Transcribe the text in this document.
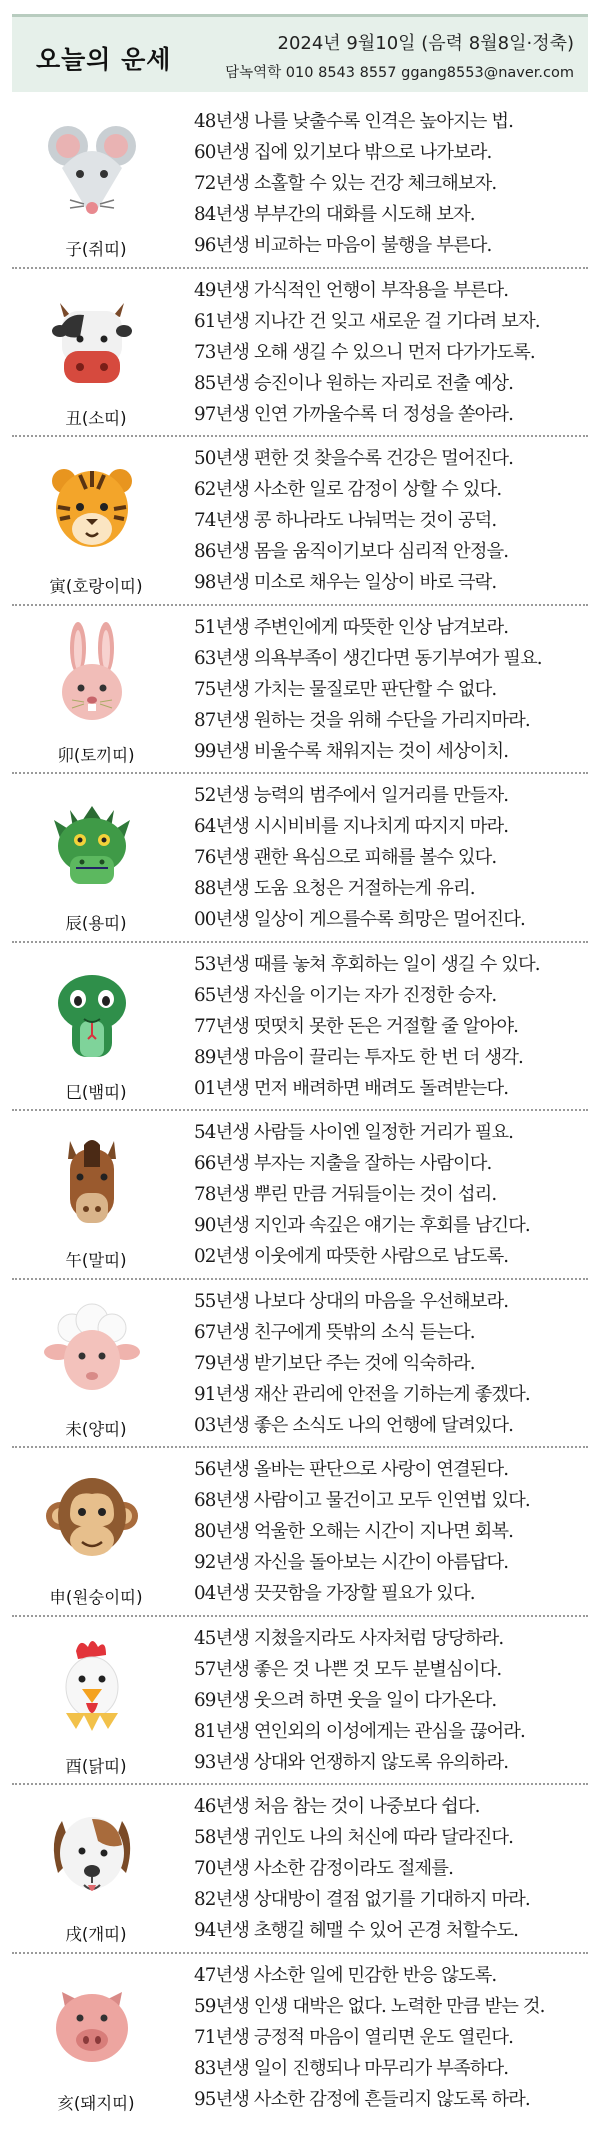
오늘의 운세
2024년 9월10일 (음력 8월8일·정축)
담녹역학 010 8543 8557 ggang8553@naver.com
子(쥐띠)
48년생 나를 낮출수록 인격은 높아지는 법.
60년생 집에 있기보다 밖으로 나가보라.
72년생 소홀할 수 있는 건강 체크해보자.
84년생 부부간의 대화를 시도해 보자.
96년생 비교하는 마음이 불행을 부른다.
丑(소띠)
49년생 가식적인 언행이 부작용을 부른다.
61년생 지나간 건 잊고 새로운 걸 기다려 보자.
73년생 오해 생길 수 있으니 먼저 다가가도록.
85년생 승진이나 원하는 자리로 전출 예상.
97년생 인연 가까울수록 더 정성을 쏟아라.
寅(호랑이띠)
50년생 편한 것 찾을수록 건강은 멀어진다.
62년생 사소한 일로 감정이 상할 수 있다.
74년생 콩 하나라도 나눠먹는 것이 공덕.
86년생 몸을 움직이기보다 심리적 안정을.
98년생 미소로 채우는 일상이 바로 극락.
卯(토끼띠)
51년생 주변인에게 따뜻한 인상 남겨보라.
63년생 의욕부족이 생긴다면 동기부여가 필요.
75년생 가치는 물질로만 판단할 수 없다.
87년생 원하는 것을 위해 수단을 가리지마라.
99년생 비울수록 채워지는 것이 세상이치.
辰(용띠)
52년생 능력의 범주에서 일거리를 만들자.
64년생 시시비비를 지나치게 따지지 마라.
76년생 괜한 욕심으로 피해를 볼수 있다.
88년생 도움 요청은 거절하는게 유리.
00년생 일상이 게으를수록 희망은 멀어진다.
巳(뱀띠)
53년생 때를 놓쳐 후회하는 일이 생길 수 있다.
65년생 자신을 이기는 자가 진정한 승자.
77년생 떳떳치 못한 돈은 거절할 줄 알아야.
89년생 마음이 끌리는 투자도 한 번 더 생각.
01년생 먼저 배려하면 배려도 돌려받는다.
午(말띠)
54년생 사람들 사이엔 일정한 거리가 필요.
66년생 부자는 지출을 잘하는 사람이다.
78년생 뿌린 만큼 거둬들이는 것이 섭리.
90년생 지인과 속깊은 얘기는 후회를 남긴다.
02년생 이웃에게 따뜻한 사람으로 남도록.
未(양띠)
55년생 나보다 상대의 마음을 우선해보라.
67년생 친구에게 뜻밖의 소식 듣는다.
79년생 받기보단 주는 것에 익숙하라.
91년생 재산 관리에 안전을 기하는게 좋겠다.
03년생 좋은 소식도 나의 언행에 달려있다.
申(원숭이띠)
56년생 올바는 판단으로 사랑이 연결된다.
68년생 사람이고 물건이고 모두 인연법 있다.
80년생 억울한 오해는 시간이 지나면 회복.
92년생 자신을 돌아보는 시간이 아름답다.
04년생 끗끗함을 가장할 필요가 있다.
酉(닭띠)
45년생 지쳤을지라도 사자처럼 당당하라.
57년생 좋은 것 나쁜 것 모두 분별심이다.
69년생 웃으려 하면 웃을 일이 다가온다.
81년생 연인외의 이성에게는 관심을 끊어라.
93년생 상대와 언쟁하지 않도록 유의하라.
戌(개띠)
46년생 처음 참는 것이 나중보다 쉽다.
58년생 귀인도 나의 처신에 따라 달라진다.
70년생 사소한 감정이라도 절제를.
82년생 상대방이 결점 없기를 기대하지 마라.
94년생 초행길 헤맬 수 있어 곤경 처할수도.
亥(돼지띠)
47년생 사소한 일에 민감한 반응 않도록.
59년생 인생 대박은 없다. 노력한 만큼 받는 것.
71년생 긍정적 마음이 열리면 운도 열린다.
83년생 일이 진행되나 마무리가 부족하다.
95년생 사소한 감정에 흔들리지 않도록 하라.
